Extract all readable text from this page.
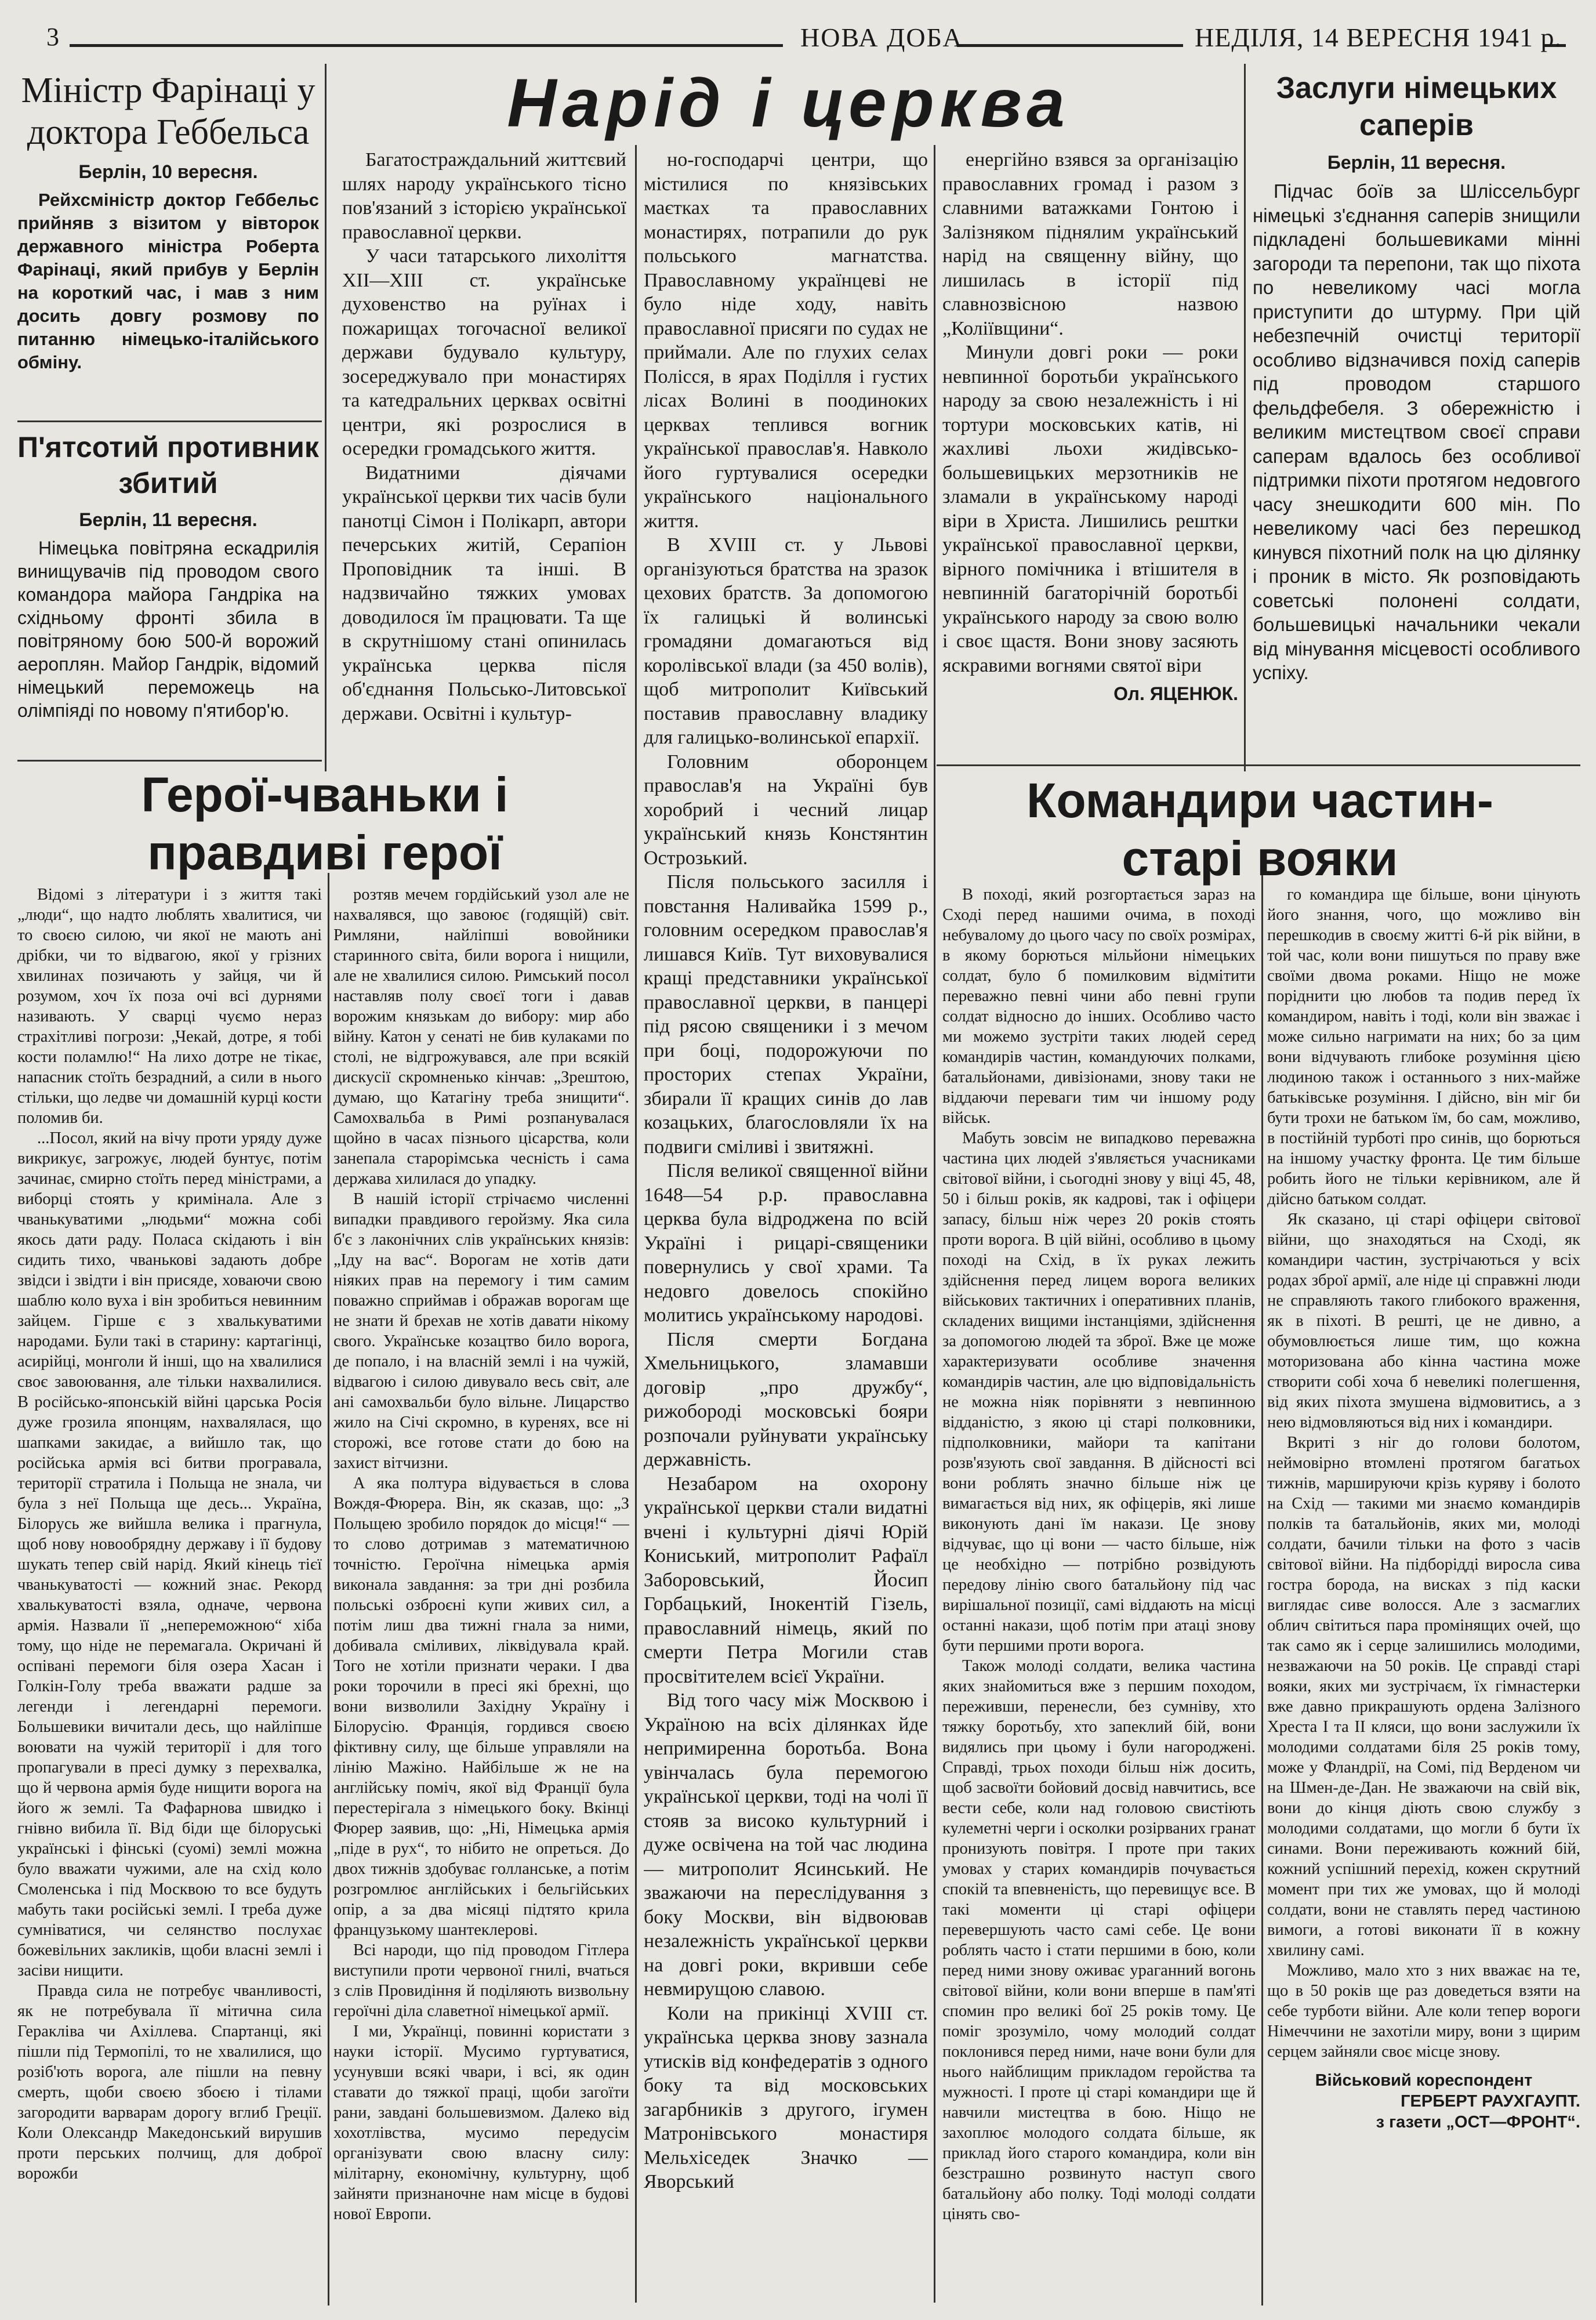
3	НОВА ДОБА	НЕДІЛЯ, 14 ВЕРЕСНЯ 1941 р.
Міністр Фарінаці у доктора Геббельса
Берлін, 10 вересня.

Рейхсміністр доктор Геббельс прийняв з візитом у вівторок державного міністра Роберта Фарінаці, який прибув у Берлін на короткий час, і мав з ним досить довгу розмову по питанню німецько-італійського обміну.

П'ятсотий противник збитий
Берлін, 11 вересня.

Німецька повітряна ескадрилія винищувачів під проводом свого командора майора Гандріка на східньому фронті збила в повітряному бою 500-й ворожий аероплян. Майор Гандрік, відомий німецький переможець на олімпіяді по новому п'ятибор'ю.

Нарід і церква

Багатостраждальний життєвий шлях народу українського тісно пов'язаний з історією української православної церкви.

У часи татарського лихоліття XII—XIII ст. українське духовенство на руїнах і пожарищах тогочасної великої держави будувало культуру, зосереджувало при монастирях та катедральних церквах освітні центри, які розрослися в осередки громадського життя.

Видатними діячами української церкви тих часів були панотці Сімон і Полікарп, автори печерських житій, Серапіон Проповідник та інші. В надзвичайно тяжких умовах доводилося їм працювати. Та ще в скрутнішому стані опинилась українська церква після об'єднання Польсько-Литовської держави. Освітні і культур-

но-господарчі центри, що містилися по князівських маєтках та православних монастирях, потрапили до рук польського магнатства. Православному українцеві не було ніде ходу, навіть православної присяги по судах не приймали. Але по глухих селах Полісся, в ярах Поділля і густих лісах Волині в поодиноких церквах теплився вогник української православ'я. Навколо його гуртувалися осередки українського національного життя.

В XVIII ст. у Львові організуються братства на зразок цехових братств. За допомогою їх галицькі й волинські громадяни домагаються від королівської влади (за 450 волів), щоб митрополит Київський поставив православну владику для галицько-волинської епархії.

Головним оборонцем православ'я на Україні був хоробрий і чесний лицар український князь Констянтин Острозький.

Після польського засилля і повстання Наливайка 1599 р., головним осередком православ'я лишався Київ. Тут виховувалися кращі представники української православної церкви, в панцері під рясою священики і з мечом при боці, подорожуючи по просторих степах України, збирали її кращих синів до лав козацьких, благословляли їх на подвиги сміливі і звитяжні.

Після великої священної війни 1648—54 р.р. православна церква була відроджена по всій Україні і рицарі-священики повернулись у свої храми. Та недовго довелось спокійно молитись українському народові.

Після смерти Богдана Хмельницького, зламавши договір „про дружбу“, рижобороді московські бояри розпочали руйнувати українську державність.

Незабаром на охорону української церкви стали видатні вчені і культурні діячі Юрій Кониський, митрополит Рафаїл Заборовський, Йосип Горбацький, Інокентій Гізель, православний німець, який по смерти Петра Могили став просвітителем всієї України.

Від того часу між Москвою і Україною на всіх ділянках йде непримиренна боротьба. Вона увінчалась була перемогою української церкви, тоді на чолі її стояв за високо культурний і дуже освічена на той час людина — митрополит Ясинський. Не зважаючи на переслідування з боку Москви, він відвоював незалежність української церкви на довгі роки, вкривши себе невмирущою славою.

Коли на прикінці XVIII ст. українська церква знову зазнала утисків від конфедератів з одного боку та від московських загарбників з другого, ігумен Матронівського монастиря Мельхіседек Значко — Яворський

енергійно взявся за організацію православних громад і разом з славними ватажками Гонтою і Залізняком піднялим український нарід на священну війну, що лишилась в історії під славнозвісною назвою „Коліївщини“.

Минули довгі роки — роки невпинної боротьби українського народу за свою незалежність і ні тортури московських катів, ні жахливі льохи жидівсько-большевицьких мерзотників не зламали в українському народі віри в Христа. Лишились рештки української православної церкви, вірного помічника і втішителя в невпинній багаторічній боротьбі українського народу за свою волю і своє щастя. Вони знову засяють яскравими вогнями святої віри

Ол. ЯЦЕНЮК.
Заслуги німецьких саперів
Берлін, 11 вересня.

Підчас боїв за Шліссельбург німецькі з'єднання саперів знищили підкладені большевиками мінні загороди та перепони, так що піхота по невеликому часі могла приступити до штурму. При цій небезпечній очистці території особливо відзначився похід саперів під проводом старшого фельдфебеля. З обережністю і великим мистецтвом своєї справи саперам вдалось без особливої підтримки піхоти протягом недовгого часу знешкодити 600 мін. По невеликому часі без перешкод кинувся піхотний полк на цю ділянку і проник в місто. Як розповідають советські полонені солдати, большевицькі начальники чекали від мінування місцевості особливого успіху.

Герої-чваньки і
правдиві герої

Відомі з літератури і з життя такі „люди“, що надто люблять хвалитися, чи то своєю силою, чи якої не мають ані дрібки, чи то відвагою, якої у грізних хвилинах позичають у зайця, чи й розумом, хоч їх поза очі всі дурнями називають. У сварці чуємо нераз страхітливі погрози: „Чекай, дотре, я тобі кости поламлю!“ На лихо дотре не тікає, напасник стоїть безрадний, а сили в нього стільки, що ледве чи домашній курці кости поломив би.

...Посол, який на вічу проти уряду дуже викрикує, загрожує, людей бунтує, потім зачинає, смирно стоїть перед міністрами, а виборці стоять у кримінала. Але з чванькуватими „людьми“ можна собі якось дати раду. Поласа скідають і він сидить тихо, чванькові задають добре звідси і звідти і він присяде, ховаючи свою шаблю коло вуха і він зробиться невинним зайцем. Гірше є з хвалькуватими народами. Були такі в старину: картагінці, асирійці, монголи й інші, що на хвалилися своє завоювання, але тільки нахвалилися. В російсько-японській війні царська Росія дуже грозила японцям, нахвалялася, що шапками закидає, а вийшло так, що російська армія всі битви програвала, території стратила і Польща не знала, чи була з неї Польща ще десь... Україна, Білорусь же вийшла велика і прагнула, щоб нову новообрядну державу і її будову шукать тепер свій нарід. Який кінець тієї чванькуватості — кожний знає. Рекорд хвалькуватості взяла, одначе, червона армія. Назвали її „непереможною“ хіба тому, що ніде не перемагала. Окричані й оспівані перемоги біля озера Хасан і Голкін-Голу треба вважати радше за легенди і легендарні перемоги. Большевики вичитали десь, що найліпше воювати на чужій території і для того пропагували в пресі думку з перехвалка, що й червона армія буде нищити ворога на його ж землі. Та Фафарнова швидко і гнівно вибила її. Від біди ще білоруські українські і фінські (суомі) землі можна було вважати чужими, але на схід коло Смоленська і під Москвою то все будуть мабуть таки російські землі. І треба дуже сумніватися, чи селянство послухає божевільних закликів, щоби власні землі і засіви нищити.

Правда сила не потребує чванливості, як не потребувала її мітична сила Геракліва чи Ахіллева. Спартанці, які пішли під Термопілі, то не хвалилися, що розіб'ють ворога, але пішли на певну смерть, щоби своєю збоєю і тілами загородити варварам дорогу вглиб Греції. Коли Олександр Македонський вирушив проти перських полчищ, для доброї ворожби

розтяв мечем гордійський узол але не нахвалявся, що завоює (годящій) світ. Римляни, найліпші вовойники старинного світа, били ворога і нищили, але не хвалилися силою. Римський посол наставляв полу своєї тоги і давав ворожим князькам до вибору: мир або війну. Катон у сенаті не бив кулаками по столі, не відгрожувався, але при всякій дискусії скромненько кінчав: „Зрештою, думаю, що Катагіну треба знищити“. Самохвальба в Римі розпанувалася щойно в часах пізнього цісарства, коли занепала старорімська чесність і сама держава хилилася до упадку.

В нашій історії стрічаємо численні випадки правдивого геройзму. Яка сила б'є з лаконічних слів українських князів: „Іду на вас“. Ворогам не хотів дати ніяких прав на перемогу і тим самим поважно сприймав і ображав ворогам ще не знати й брехав не хотів давати нікому свого. Українське козацтво било ворога, де попало, і на власній землі і на чужій, відвагою і силою дивувало весь світ, але ані самохвальби було вільне. Лицарство жило на Січі скромно, в куренях, все ні сторожі, все готове стати до бою на захист вітчизни.

А яка полтура відувається в слова Вождя-Фюрера. Він, як сказав, що: „З Польщею зробило порядок до місця!“ — то слово дотримав з математичною точністю. Героїчна німецька армія виконала завдання: за три дні розбила польські озброєні купи живих сил, а потім лиш два тижні гнала за ними, добивала сміливих, ліквідувала край. Того не хотіли признати чераки. І два роки торочили в пресі які брехні, що вони визволили Західну Україну і Білорусію. Франція, гордився своєю фіктивну силу, ще більше управляли на лінію Мажіно. Найбільше ж не на англійську поміч, якої від Франції була перестерігала з німецького боку. Вкінці Фюрер заявив, що: „Ні, Німецька армія „піде в рух“, то нібито не опреться. До двох тижнів здобуває голланське, а потім розгромлює англійських і бельгійських опір, а за два місяці підтято крила французькому шантеклерові.

Всі народи, що під проводом Гітлера виступили проти червоної гнилі, вчаться з слів Провидіння й поділяють визвольну героїчні діла славетної німецької армії.

І ми, Українці, повинні користати з науки історії. Мусимо гуртуватися, усунувши всякі чвари, і всі, як один ставати до тяжкої праці, щоби загоїти рани, завдані большевизмом. Далеко від хохотлівства, мусимо передусім організувати свою власну силу: мілітарну, економічну, культурну, щоб зайняти признаночне нам місце в будові нової Европи.

Командири частин-
старі вояки

В поході, який розгортається зараз на Сході перед нашими очима, в поході небувалому до цього часу по своїх розмірах, в якому борються мільйони німецьких солдат, було б помилковим відмітити переважно певні чини або певні групи солдат відносно до інших. Особливо часто ми можемо зустріти таких людей серед командирів частин, командуючих полками, батальйонами, дивізіонами, знову таки не віддаючи переваги тим чи іншому роду військ.

Мабуть зовсім не випадково переважна частина цих людей з'являється учасниками світової війни, і сьогодні знову у віці 45, 48, 50 і більш років, як кадрові, так і офіцери запасу, більш ніж через 20 років стоять проти ворога. В цій війні, особливо в цьому поході на Схід, в їх руках лежить здійснення перед лицем ворога великих військових тактичних і оперативних планів, складених вищими інстанціями, здійснення за допомогою людей та зброї. Вже це може характеризувати особливе значення командирів частин, але цю відповідальність не можна ніяк порівняти з невпинною відданістю, з якою ці старі полковники, підполковники, майори та капітани розв'язують свої завдання. В дійсності всі вони роблять значно більше ніж це вимагається від них, як офіцерів, які лише виконують дані їм накази. Це знову відчуває, що ці вони — часто більше, ніж це необхідно — потрібно розвідують передову лінію свого батальйону під час вирішальної позиції, самі віддають на місці останні накази, щоб потім при атаці знову бути першими проти ворога.

Також молоді солдати, велика частина яких знайомиться вже з першим походом, переживши, перенесли, без сумніву, хто тяжку боротьбу, хто запеклий бій, вони видялись при цьому і були нагороджені. Справді, трьох походи більш ніж досить, щоб засвоїти бойовий досвід навчитись, все вести себе, коли над головою свистіють кулеметні черги і осколки розірваних гранат пронизують повітря. І проте при таких умовах у старих командирів почувається спокій та впевненість, що перевищує все. В такі моменти ці старі офіцери перевершують часто самі себе. Це вони роблять часто і стати першими в бою, коли перед ними знову оживає ураганний вогонь світової війни, коли вони вперше в пам'яті спомин про великі бої 25 років тому. Це поміг зрозуміло, чому молодий солдат поклонився перед ними, наче вони були для нього найблищим прикладом геройства та мужності. І проте ці старі командири ще й навчили мистецтва в бою. Ніщо не захоплює молодого солдата більше, як приклад його старого командира, коли він безстрашно розвинуто наступ свого батальйону або полку. Тоді молоді солдати цінять сво-

го командира ще більше, вони цінують його знання, чого, що можливо він перешкодив в своєму житті 6-й рік війни, в той час, коли вони пишуться по праву вже своїми двома роками. Ніщо не може поріднити цю любов та подив перед їх командиром, навіть і тоді, коли він зважає і може сильно нагримати на них; бо за цим вони відчувають глибоке розуміння цією людиною також і останнього з них-майже батьківське розуміння. І дійсно, він міг би бути трохи не батьком їм, бо сам, можливо, в постійній турботі про синів, що борються на іншому участку фронта. Це тим більше робить його не тільки керівником, але й дійсно батьком солдат.

Як сказано, ці старі офіцери світової війни, що знаходяться на Сході, як командири частин, зустрічаються у всіх родах зброї армії, але ніде ці справжні люди не справляють такого глибокого враження, як в піхоті. В решті, це не дивно, а обумовлюється лише тим, що кожна моторизована або кінна частина може створити собі хоча б невеликі полегшення, від яких піхота змушена відмовитись, а з нею відмовляються від них і командири.

Вкриті з ніг до голови болотом, неймовірно втомлені протягом багатьох тижнів, маршируючи крізь куряву і болото на Схід — такими ми знаємо командирів полків та батальйонів, яких ми, молоді солдати, бачили тільки на фото з часів світової війни. На підборідді виросла сива гостра борода, на висках з під каски виглядає сиве волосся. Але з засмаглих облич світиться пара промінящих очей, що так само як і серце залишились молодими, незважаючи на 50 років. Це справді старі вояки, яких ми зустрічаєм, їх гімнастерки вже давно прикрашують ордена Залізного Хреста І та ІІ кляси, що вони заслужили їх молодими солдатами біля 25 років тому, може у Фландрії, на Сомі, під Верденом чи на Шмен-де-Дан. Не зважаючи на свій вік, вони до кінця діють свою службу з молодими солдатами, що могли б бути їх синами. Вони переживають кожний бій, кожний успішний перехід, кожен скрутний момент при тих же умовах, що й молоді солдати, вони не ставлять перед частиною вимоги, а готові виконати її в кожну хвилину самі.

Можливо, мало хто з них вважає на те, що в 50 років ще раз доведеться взяти на себе турботи війни. Але коли тепер вороги Німеччини не захотіли миру, вони з щирим серцем зайняли своє місце знову.

Військовий кореспондент
ГЕРБЕРТ РАУХГАУПТ.
з газети „ОСТ—ФРОНТ“.
